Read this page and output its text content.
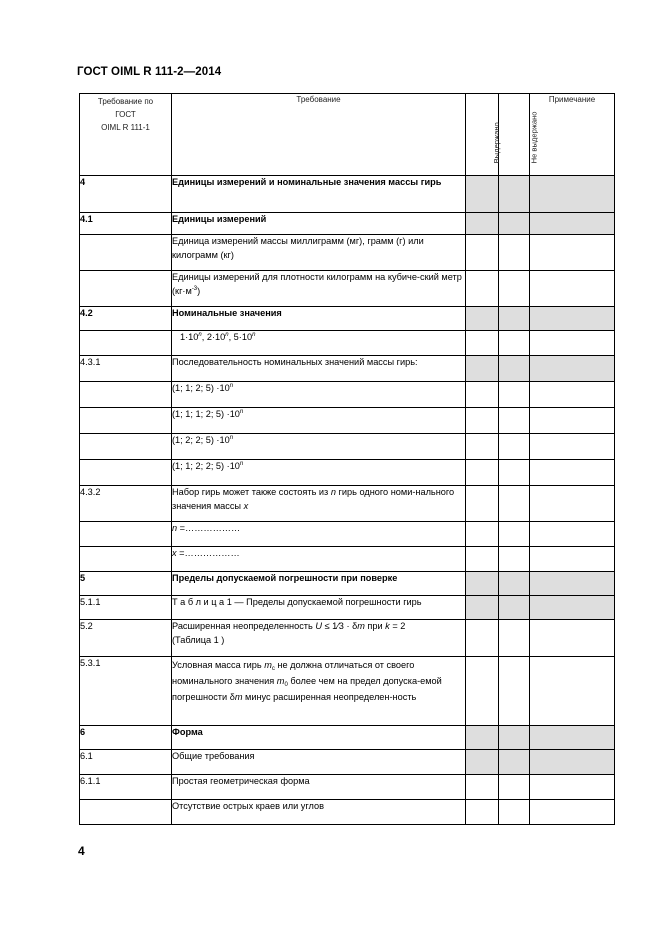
ГОСТ OIML R 111-2—2014
Требование по
ГОСТ
OIML R 111-1	Требование	Выдержано	Не выдержано	Примечание
4	Единицы измерений и номинальные значения массы гирь			
4.1	Единицы измерений			
	Единица измерений массы миллиграмм (мг), грамм (г) или килограмм (кг)			
	Единицы измерений для плотности килограмм на кубиче-ский метр $(кг\cdot м^{-3})$			
4.2	Номинальные значения			
	$1\cdot 10^n$, $2\cdot 10^n$, $5\cdot 10^n$			
4.3.1	Последовательность номинальных значений массы гирь:			
	(1; 1; 2; $5) \cdot 10^n$			
	(1; 1; 1; 2; $5) \cdot 10^n$			
	(1; 2; 2; $5) \cdot 10^n$			
	(1; 1; 2; 2; $5) \cdot 10^n$			
4.3.2	Набор гирь может также состоять из n гирь одного номи-нального значения массы x			
	n =………………			
	x =………………			
5	Пределы допускаемой погрешности при поверке			
5.1.1	Т а б л и ц а 1 — Пределы допускаемой погрешности гирь			
5.2	Расширенная неопределенность U ≤ 1∕3 · δm при k = 2
(Таблица 1 )			
5.3.1	Условная масса гирь $m_c$ не должна отличаться от своего номинального значения $m_0$ более чем на предел допуска-емой погрешности δm минус расширенная неопределен-ность			
6	Форма			
6.1	Общие требования			
6.1.1	Простая геометрическая форма			
	Отсутствие острых краев или углов			
4
